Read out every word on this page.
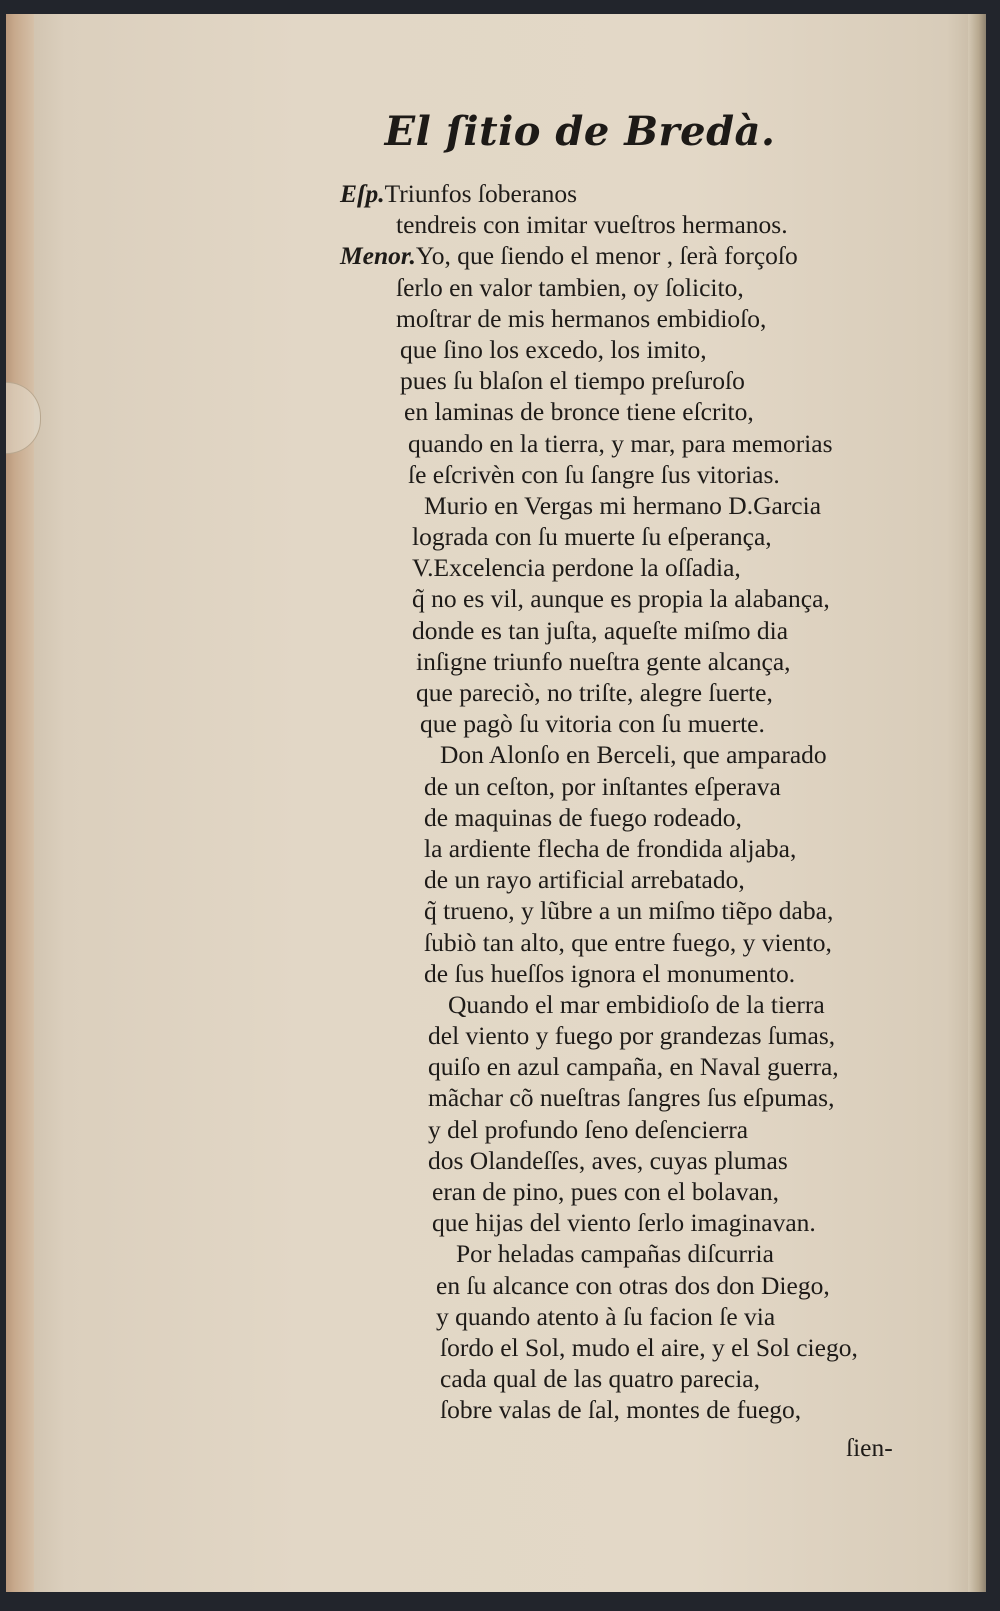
El ſitio de Bredà.
Eſp.Triunfos ſoberanos
tendreis con imitar vueſtros hermanos.
Menor.Yo, que ſiendo el menor , ſerà forçoſo
ſerlo en valor tambien, oy ſolicito,
moſtrar de mis hermanos embidioſo,
que ſino los excedo, los imito,
pues ſu blaſon el tiempo preſuroſo
en laminas de bronce tiene eſcrito,
quando en la tierra, y mar, para memorias
ſe eſcrivèn con ſu ſangre ſus vitorias.
Murio en Vergas mi hermano D.Garcia
lograda con ſu muerte ſu eſperança,
V.Excelencia perdone la oſſadia,
q̃ no es vil, aunque es propia la alabança,
donde es tan juſta, aqueſte miſmo dia
inſigne triunfo nueſtra gente alcança,
que pareciò, no triſte, alegre ſuerte,
que pagò ſu vitoria con ſu muerte.
Don Alonſo en Berceli, que amparado
de un ceſton, por inſtantes eſperava
de maquinas de fuego rodeado,
la ardiente flecha de frondida aljaba,
de un rayo artificial arrebatado,
q̃ trueno, y lũbre a un miſmo tiẽpo daba,
ſubiò tan alto, que entre fuego, y viento,
de ſus hueſſos ignora el monumento.
Quando el mar embidioſo de la tierra
del viento y fuego por grandezas ſumas,
quiſo en azul campaña, en Naval guerra,
mãchar cõ nueſtras ſangres ſus eſpumas,
y del profundo ſeno deſencierra
dos Olandeſſes, aves, cuyas plumas
eran de pino, pues con el bolavan,
que hijas del viento ſerlo imaginavan.
Por heladas campañas diſcurria
en ſu alcance con otras dos don Diego,
y quando atento à ſu facion ſe via
ſordo el Sol, mudo el aire, y el Sol ciego,
cada qual de las quatro parecia,
ſobre valas de ſal, montes de fuego,
ſien-
